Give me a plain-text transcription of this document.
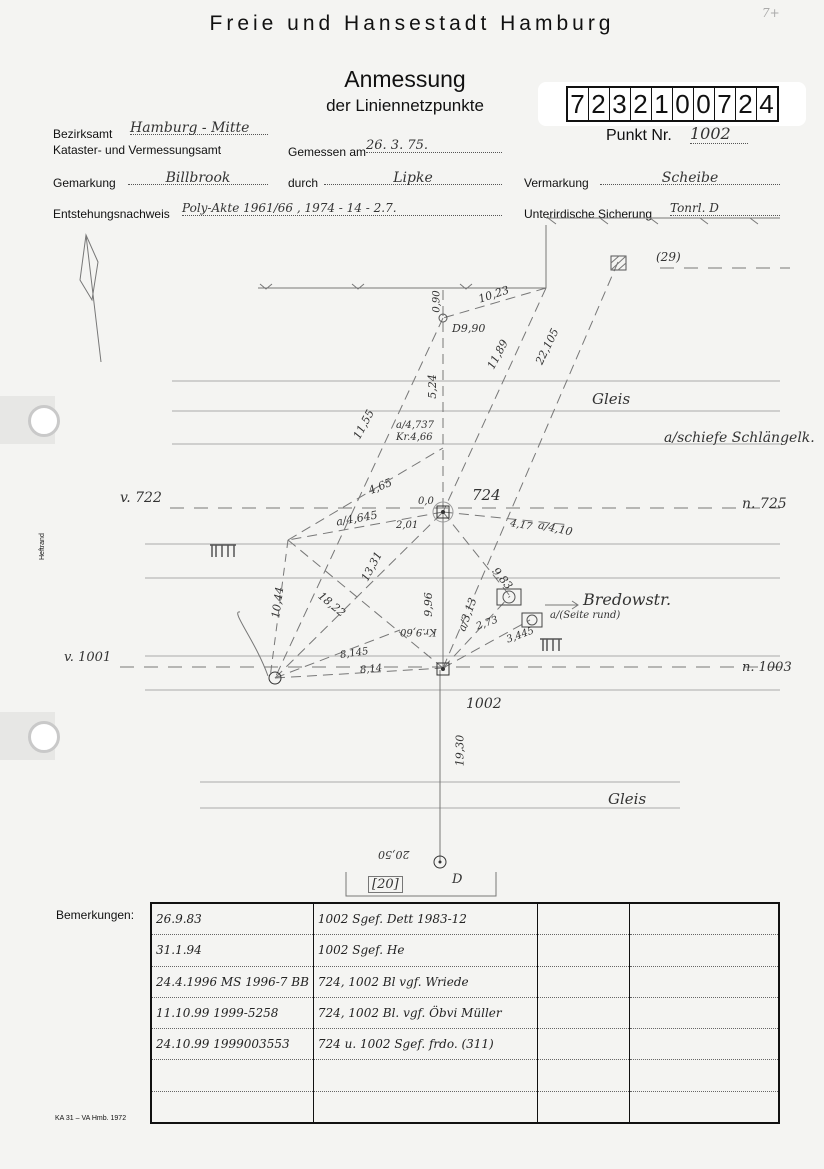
Freie und Hansestadt Hamburg	7+
Anmessung
der Liniennetzpunkte	7 2 3 2 1 0 0 7 2 4
Punkt Nr. 1002
Bezirksamt Hamburg - Mitte
Kataster- und Vermessungsamt	Gemessen am 26. 3. 75.
Gemarkung	Billbrook	durch	Lipke	Vermarkung	Scheibe
Entstehungsnachweis Poly-Akte 1961/66 , 1974 - 14 - 2.7.	Unterirdische Sicherung Tonrl. D
Heftrand
Gleis
Gleis
a/schiefe Schlängelk.
Bredowstr.
a/(Seite rund)
(29)
v. 722	n. 725
724
v. 1001
n. 1003
1002
[20]	D
10,23
D9,90
0,90
11,89 22,105
5,24
11,55 a/4,737
Kr.4,66
4,65
a/4,645
0,0
2,01	a/4,10
4,17
13,31
10,44	18,22	9,96 a/3,13
9,83
Kr.9,60
8,145
8,14
3,445
2,73
19,30
20,50
Bemerkungen: 26.9.83	1002 Sgef. Dett 1983-12		
31.1.94	1002 Sgef. He		
24.4.1996 MS 1996-7 BB	724, 1002 Bl vgf. Wriede		
11.10.99 1999-5258	724, 1002 Bl. vgf. Öbvi Müller		
24.10.99 1999003553	724 u. 1002 Sgef. frdo. (311)		

KA 31 – VA Hmb. 1972
